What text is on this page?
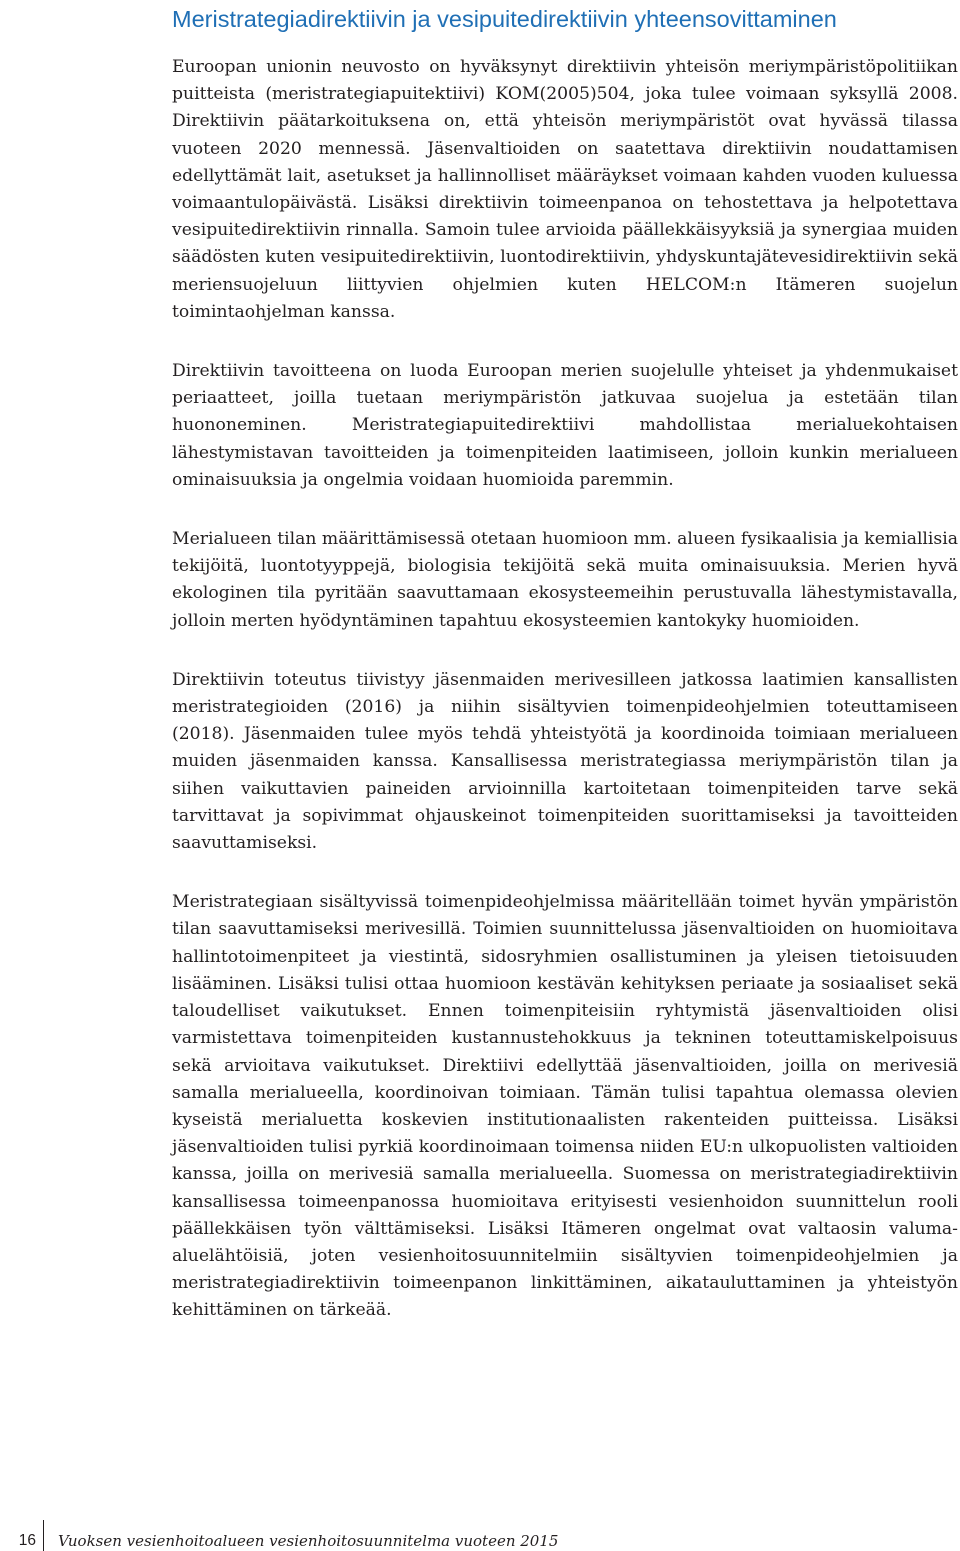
Meristrategiadirektiivin ja vesipuitedirektiivin yhteensovittaminen

Euroopan unionin neuvosto on hyväksynyt direktiivin yhteisön meriympäristöpolitiikan puitteista (meristrategiapuitektiivi) KOM(2005)504, joka tulee voimaan syksyllä 2008. Direktiivin päätarkoituksena on, että yhteisön meriympäristöt ovat hyvässä tilassa vuoteen 2020 mennessä. Jäsenvaltioiden on saatettava direktiivin noudattamisen edellyttämät lait, asetukset ja hallinnolliset määräykset voimaan kahden vuoden kuluessa voimaantulopäivästä. Lisäksi direktiivin toimeenpanoa on tehostettava ja helpotettava vesipuitedirektiivin rinnalla. Samoin tulee arvioida päällekkäisyyksiä ja synergiaa muiden säädösten kuten vesipuitedirektiivin, luontodirektiivin, yhdyskuntajätevesidirektiivin sekä meriensuojeluun liittyvien ohjelmien kuten HELCOM:n Itämeren suojelun toimintaohjelman kanssa.

Direktiivin tavoitteena on luoda Euroopan merien suojelulle yhteiset ja yhdenmukaiset periaatteet, joilla tuetaan meriympäristön jatkuvaa suojelua ja estetään tilan huononeminen. Meristrategiapuitedirektiivi mahdollistaa merialuekohtaisen lähestymistavan tavoitteiden ja toimenpiteiden laatimiseen, jolloin kunkin merialueen ominaisuuksia ja ongelmia voidaan huomioida paremmin.

Merialueen tilan määrittämisessä otetaan huomioon mm. alueen fysikaalisia ja kemiallisia tekijöitä, luontotyyppejä, biologisia tekijöitä sekä muita ominaisuuksia. Merien hyvä ekologinen tila pyritään saavuttamaan ekosysteemeihin perustuvalla lähestymistavalla, jolloin merten hyödyntäminen tapahtuu ekosysteemien kantokyky huomioiden.

Direktiivin toteutus tiivistyy jäsenmaiden merivesilleen jatkossa laatimien kansallisten meristrategioiden (2016) ja niihin sisältyvien toimenpideohjelmien toteuttamiseen (2018). Jäsenmaiden tulee myös tehdä yhteistyötä ja koordinoida toimiaan merialueen muiden jäsenmaiden kanssa. Kansallisessa meristrategiassa meriympäristön tilan ja siihen vaikuttavien paineiden arvioinnilla kartoitetaan toimenpiteiden tarve sekä tarvittavat ja sopivimmat ohjauskeinot toimenpiteiden suorittamiseksi ja tavoitteiden saavuttamiseksi.

Meristrategiaan sisältyvissä toimenpideohjelmissa määritellään toimet hyvän ympäristön tilan saavuttamiseksi merivesillä. Toimien suunnittelussa jäsenvaltioiden on huomioitava hallintotoimenpiteet ja viestintä, sidosryhmien osallistuminen ja yleisen tietoisuuden lisääminen. Lisäksi tulisi ottaa huomioon kestävän kehityksen periaate ja sosiaaliset sekä taloudelliset vaikutukset. Ennen toimenpiteisiin ryhtymistä jäsenvaltioiden olisi varmistettava toimenpiteiden kustannustehokkuus ja tekninen toteuttamiskelpoisuus sekä arvioitava vaikutukset. Direktiivi edellyttää jäsenvaltioiden, joilla on merivesiä samalla merialueella, koordinoivan toimiaan. Tämän tulisi tapahtua olemassa olevien kyseistä merialuetta koskevien institutionaalisten rakenteiden puitteissa. Lisäksi jäsenvaltioiden tulisi pyrkiä koordinoimaan toimensa niiden EU:n ulkopuolisten valtioiden kanssa, joilla on merivesiä samalla merialueella. Suomessa on meristrategiadirektiivin kansallisessa toimeenpanossa huomioitava erityisesti vesienhoidon suunnittelun rooli päällekkäisen työn välttämiseksi. Lisäksi Itämeren ongelmat ovat valtaosin valuma-aluelähtöisiä, joten vesienhoitosuunnitelmiin sisältyvien toimenpideohjelmien ja meristrategiadirektiivin toimeenpanon linkittäminen, aikatauluttaminen ja yhteistyön kehittäminen on tärkeää.

16 Vuoksen vesienhoitoalueen vesienhoitosuunnitelma vuoteen 2015
